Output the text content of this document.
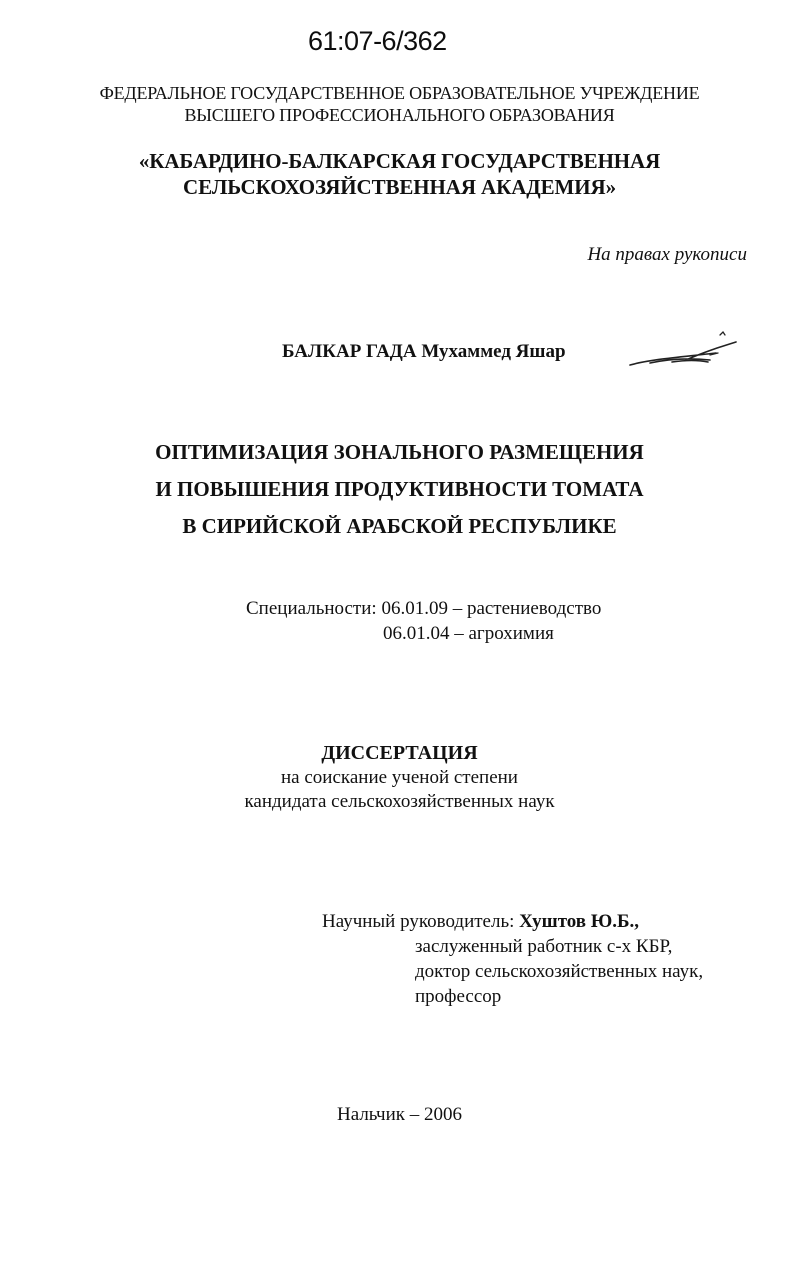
61:07-6/362
ФЕДЕРАЛЬНОЕ ГОСУДАРСТВЕННОЕ ОБРАЗОВАТЕЛЬНОЕ УЧРЕЖДЕНИЕ
ВЫСШЕГО ПРОФЕССИОНАЛЬНОГО ОБРАЗОВАНИЯ
«КАБАРДИНО-БАЛКАРСКАЯ ГОСУДАРСТВЕННАЯ
СЕЛЬСКОХОЗЯЙСТВЕННАЯ АКАДЕМИЯ»
На правах рукописи
БАЛКАР ГАДА Мухаммед Яшар
ОПТИМИЗАЦИЯ ЗОНАЛЬНОГО РАЗМЕЩЕНИЯ
И ПОВЫШЕНИЯ ПРОДУКТИВНОСТИ ТОМАТА
В СИРИЙСКОЙ АРАБСКОЙ РЕСПУБЛИКЕ
Специальности: 06.01.09 – растениеводство
06.01.04 – агрохимия
ДИССЕРТАЦИЯ
на соискание ученой степени
кандидата сельскохозяйственных наук
Научный руководитель: Хуштов Ю.Б.,
заслуженный работник с-х КБР,
доктор сельскохозяйственных наук,
профессор
Нальчик – 2006
